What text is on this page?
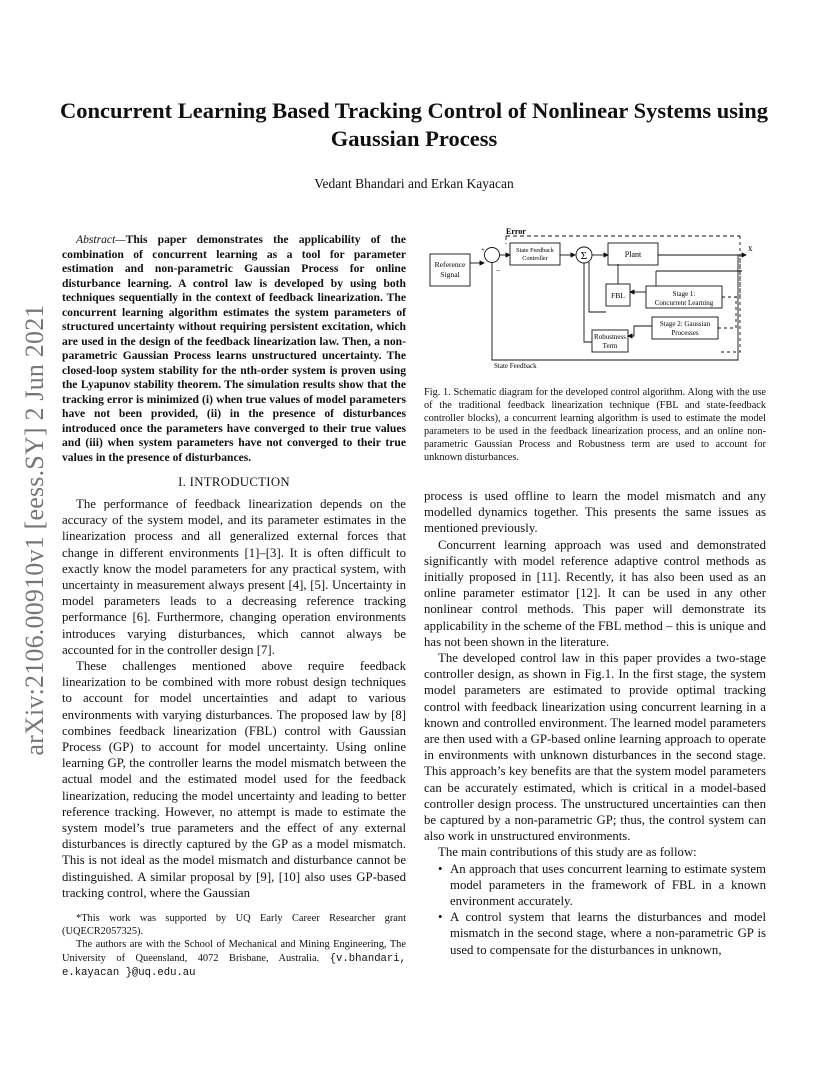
Concurrent Learning Based Tracking Control of Nonlinear Systems using
Gaussian Process
Vedant Bhandari and Erkan Kayacan
arXiv:2106.00910v1 [eess.SY] 2 Jun 2021

Abstract—This paper demonstrates the applicability of the combination of concurrent learning as a tool for parameter estimation and non-parametric Gaussian Process for online disturbance learning. A control law is developed by using both techniques sequentially in the context of feedback linearization. The concurrent learning algorithm estimates the system parameters of structured uncertainty without requiring persistent excitation, which are used in the design of the feedback linearization law. Then, a non-parametric Gaussian Process learns unstructured uncertainty. The closed-loop system stability for the nth-order system is proven using the Lyapunov stability theorem. The simulation results show that the tracking error is minimized (i) when true values of model parameters have not been provided, (ii) in the presence of disturbances introduced once the parameters have converged to their true values and (iii) when system parameters have not converged to their true values in the presence of disturbances.

I. INTRODUCTION

The performance of feedback linearization depends on the accuracy of the system model, and its parameter estimates in the linearization process and all generalized external forces that change in different environments [1]–[3]. It is often difficult to exactly know the model parameters for any practical system, with uncertainty in measurement always present [4], [5]. Uncertainty in model parameters leads to a decreasing reference tracking performance [6]. Furthermore, changing operation environments introduces varying disturbances, which cannot always be accounted for in the controller design [7].

These challenges mentioned above require feedback linearization to be combined with more robust design techniques to account for model uncertainties and adapt to various environments with varying disturbances. The proposed law by [8] combines feedback linearization (FBL) control with Gaussian Process (GP) to account for model uncertainty. Using online learning GP, the controller learns the model mismatch between the actual model and the estimated model used for the feedback linearization, reducing the model uncertainty and leading to better reference tracking. However, no attempt is made to estimate the system model’s true parameters and the effect of any external disturbances is directly captured by the GP as a model mismatch. This is not ideal as the model mismatch and disturbance cannot be distinguished. A similar proposal by [9], [10] also uses GP-based tracking control, where the Gaussian

*This work was supported by UQ Early Career Researcher grant (UQECR2057325).

The authors are with the School of Mechanical and Mining Engineering, The University of Queensland, 4072 Brisbane, Australia. {v.bhandari, e.kayacan }@uq.edu.au

Error
x
Reference
Signal
+
−
State Feedback
Controller	Σ	Plant
FBL	Stage 1:
Concurrent Learning
Stage 2: Gaussian
Processes
Robustness
Term
State Feedback
Fig. 1. Schematic diagram for the developed control algorithm. Along with the use of the traditional feedback linearization technique (FBL and state-feedback controller blocks), a concurrent learning algorithm is used to estimate the model parameters to be used in the feedback linearization process, and an online non-parametric Gaussian Process and Robustness term are used to account for unknown disturbances.

process is used offline to learn the model mismatch and any modelled dynamics together. This presents the same issues as mentioned previously.

Concurrent learning approach was used and demonstrated significantly with model reference adaptive control methods as initially proposed in [11]. Recently, it has also been used as an online parameter estimator [12]. It can be used in any other nonlinear control methods. This paper will demonstrate its applicability in the scheme of the FBL method – this is unique and has not been shown in the literature.

The developed control law in this paper provides a two-stage controller design, as shown in Fig.1. In the first stage, the system model parameters are estimated to provide optimal tracking control with feedback linearization using concurrent learning in a known and controlled environment. The learned model parameters are then used with a GP-based online learning approach to operate in environments with unknown disturbances in the second stage. This approach’s key benefits are that the system model parameters can be accurately estimated, which is critical in a model-based controller design process. The unstructured uncertainties can then be captured by a non-parametric GP; thus, the control system can also work in unstructured environments.

The main contributions of this study are as follow:

• An approach that uses concurrent learning to estimate system model parameters in the framework of FBL in a known environment accurately.
• A control system that learns the disturbances and model mismatch in the second stage, where a non-parametric GP is used to compensate for the disturbances in unknown,
